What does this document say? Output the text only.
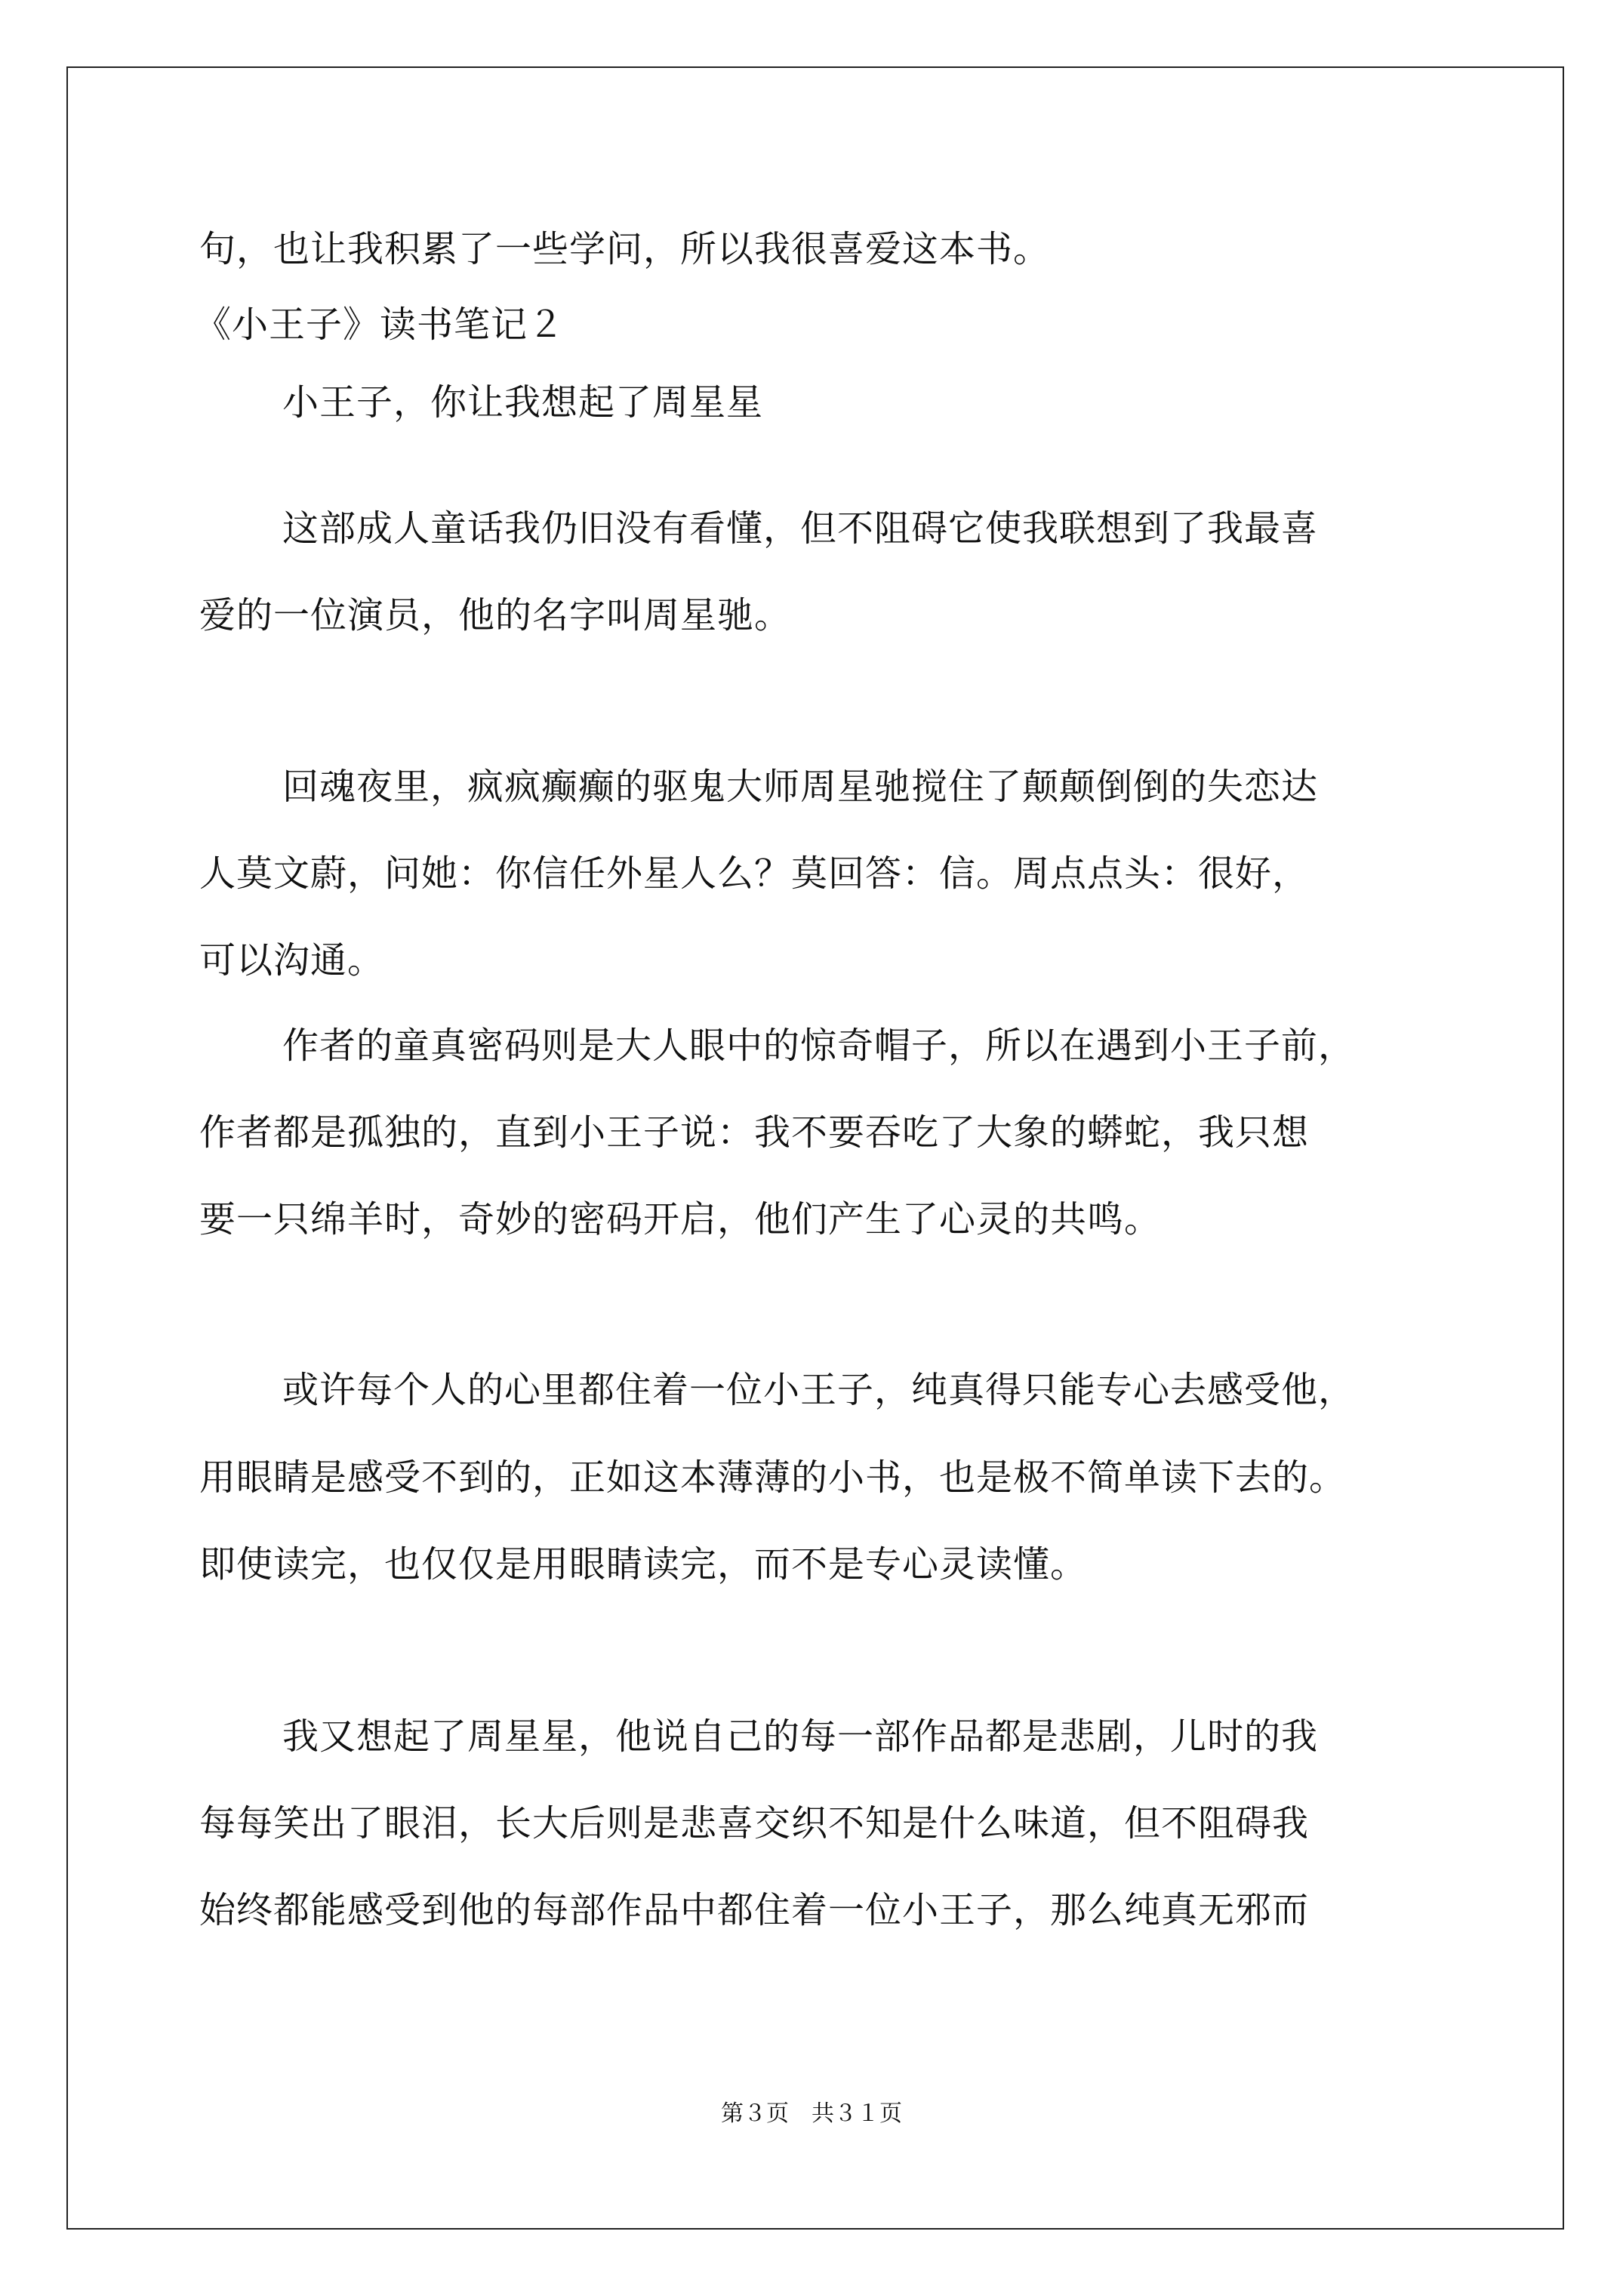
句，也让我积累了一些学问，所以我很喜爱这本书。
《小王子》读书笔记２
小王子，你让我想起了周星星
这部成人童话我仍旧没有看懂，但不阻碍它使我联想到了我最喜
爱的一位演员，他的名字叫周星驰。
回魂夜里，疯疯癫癫的驱鬼大师周星驰搅住了颠颠倒倒的失恋达
人莫文蔚，问她：你信任外星人么？莫回答：信。周点点头：很好，
可以沟通。
作者的童真密码则是大人眼中的惊奇帽子，所以在遇到小王子前，
作者都是孤独的，直到小王子说：我不要吞吃了大象的蟒蛇，我只想
要一只绵羊时，奇妙的密码开启，他们产生了心灵的共鸣。
或许每个人的心里都住着一位小王子，纯真得只能专心去感受他，
用眼睛是感受不到的，正如这本薄薄的小书，也是极不简单读下去的。
即使读完，也仅仅是用眼睛读完，而不是专心灵读懂。
我又想起了周星星，他说自己的每一部作品都是悲剧，儿时的我
每每笑出了眼泪，长大后则是悲喜交织不知是什么味道，但不阻碍我
始终都能感受到他的每部作品中都住着一位小王子，那么纯真无邪而
第３页　共３１页
